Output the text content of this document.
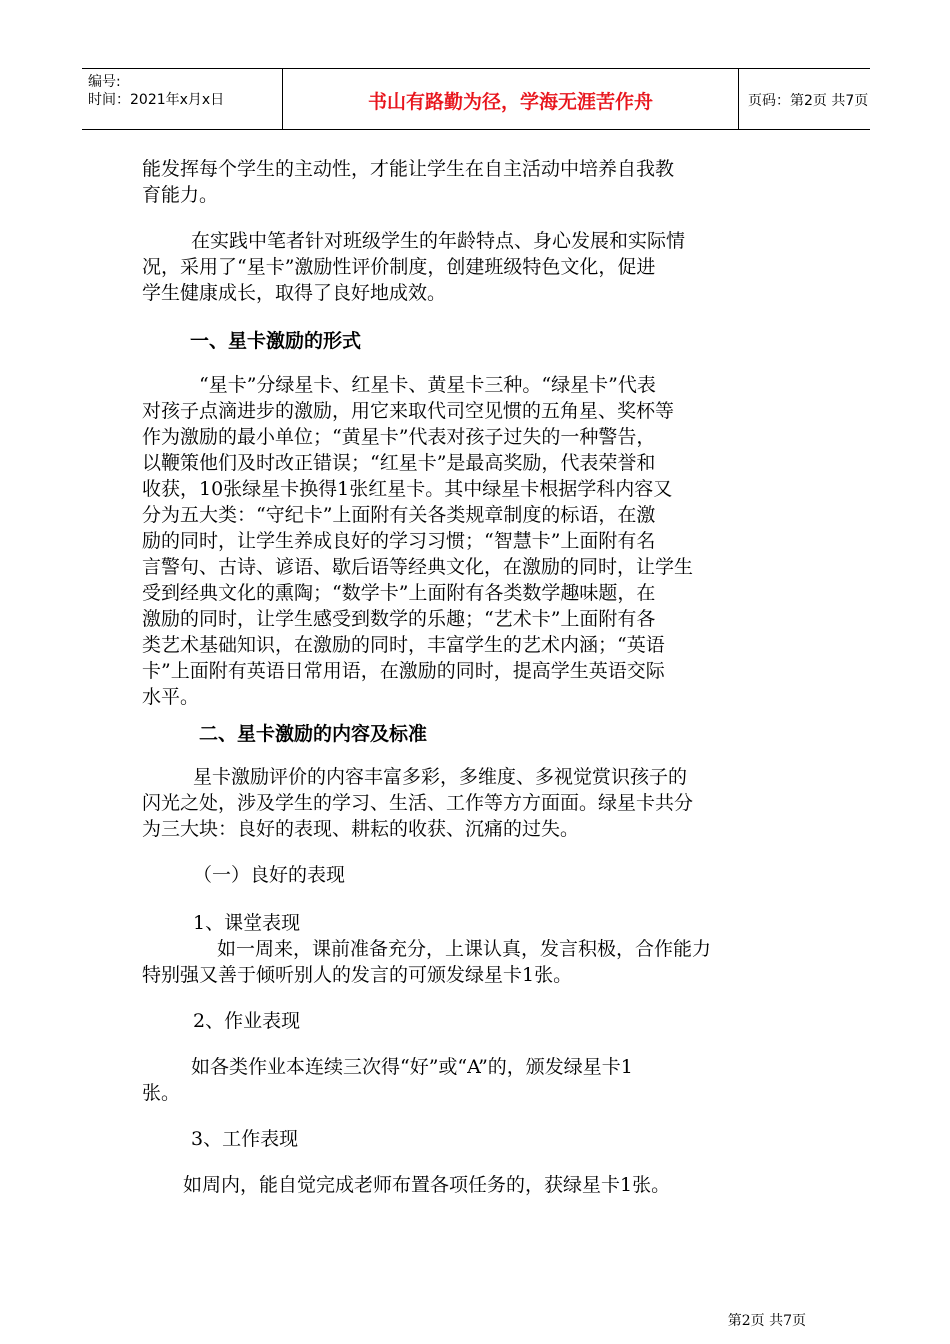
编号:
时间：2021年x月x日	书山有路勤为径，学海无涯苦作舟	页码：第2页 共7页

能发挥每个学生的主动性，才能让学生在自主活动中培养自我教

育能力。

在实践中笔者针对班级学生的年龄特点、身心发展和实际情

况，采用了“星卡”激励性评价制度，创建班级特色文化，促进

学生健康成长，取得了良好地成效。

一、星卡激励的形式

“星卡”分绿星卡、红星卡、黄星卡三种。“绿星卡”代表

对孩子点滴进步的激励，用它来取代司空见惯的五角星、奖杯等

作为激励的最小单位；“黄星卡”代表对孩子过失的一种警告，

以鞭策他们及时改正错误；“红星卡”是最高奖励，代表荣誉和

收获，10张绿星卡换得1张红星卡。其中绿星卡根据学科内容又

分为五大类：“守纪卡”上面附有关各类规章制度的标语，在激

励的同时，让学生养成良好的学习习惯；“智慧卡”上面附有名

言警句、古诗、谚语、歇后语等经典文化，在激励的同时，让学生

受到经典文化的熏陶；“数学卡”上面附有各类数学趣味题，在

激励的同时，让学生感受到数学的乐趣；“艺术卡”上面附有各

类艺术基础知识，在激励的同时，丰富学生的艺术内涵；“英语

卡”上面附有英语日常用语，在激励的同时，提高学生英语交际

水平。

二、星卡激励的内容及标准

星卡激励评价的内容丰富多彩，多维度、多视觉赏识孩子的

闪光之处，涉及学生的学习、生活、工作等方方面面。绿星卡共分

为三大块：良好的表现、耕耘的收获、沉痛的过失。

（一）良好的表现

1、课堂表现

如一周来，课前准备充分，上课认真，发言积极，合作能力

特别强又善于倾听别人的发言的可颁发绿星卡1张。

2、作业表现

如各类作业本连续三次得“好”或“A”的，颁发绿星卡1

张。

3、工作表现

如周内，能自觉完成老师布置各项任务的，获绿星卡1张。

第2页 共7页
